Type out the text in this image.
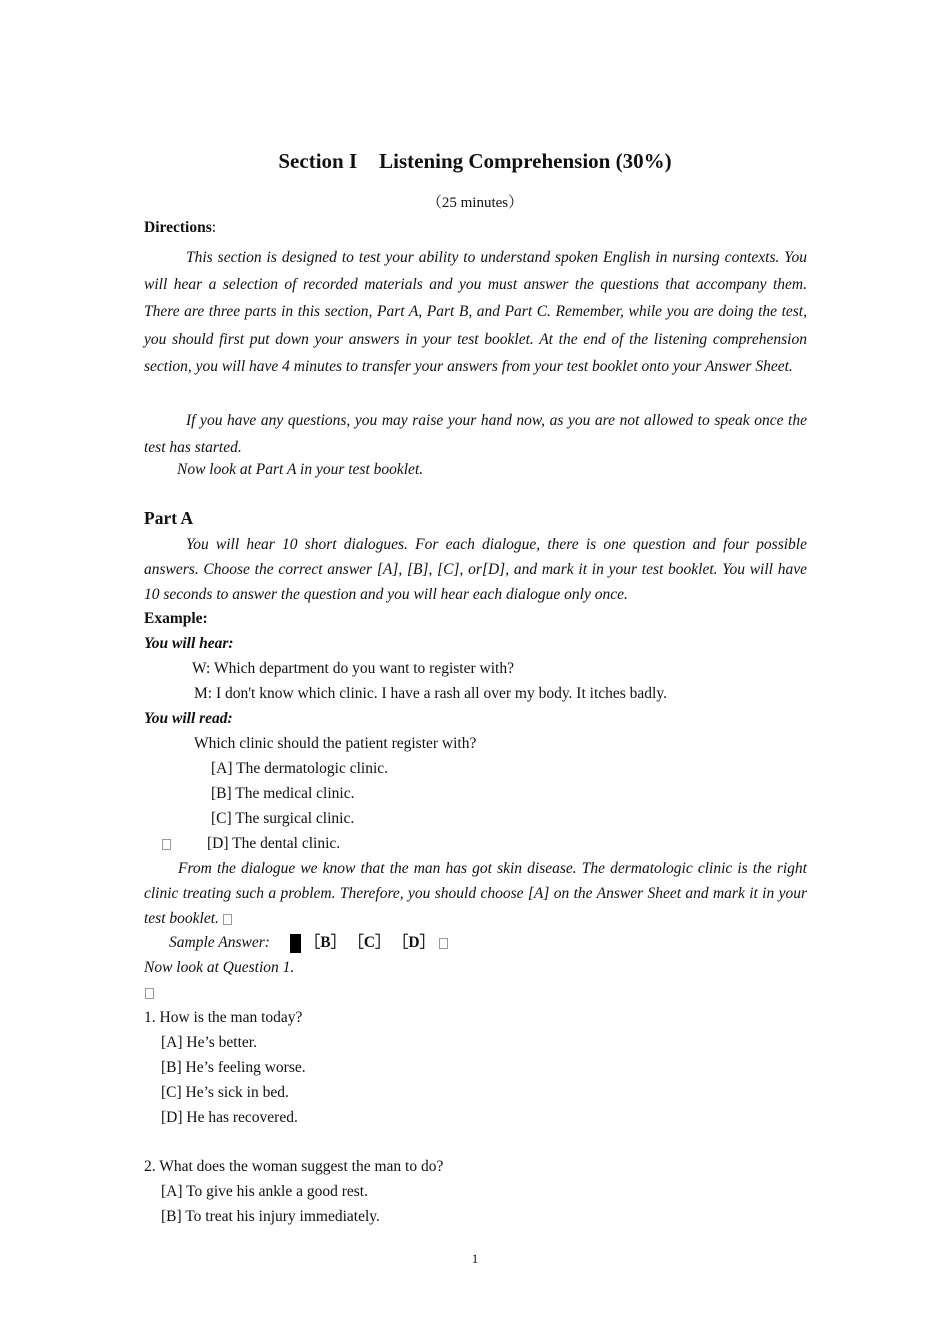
Section I Listening Comprehension (30%)
（25 minutes）
Directions:
This section is designed to test your ability to understand spoken English in nursing contexts. You will hear a selection of recorded materials and you must answer the questions that accompany them. There are three parts in this section, Part A, Part B, and Part C. Remember, while you are doing the test, you should first put down your answers in your test booklet. At the end of the listening comprehension section, you will have 4 minutes to transfer your answers from your test booklet onto your Answer Sheet.
If you have any questions, you may raise your hand now, as you are not allowed to speak once the test has started.
Now look at Part A in your test booklet.
Part A
You will hear 10 short dialogues. For each dialogue, there is one question and four possible answers. Choose the correct answer [A], [B], [C], or[D], and mark it in your test booklet. You will have 10 seconds to answer the question and you will hear each dialogue only once.
Example:
You will hear:
W: Which department do you want to register with?
M: I don't know which clinic. I have a rash all over my body. It itches badly.
You will read:
Which clinic should the patient register with?
[A] The dermatologic clinic.
[B] The medical clinic.
[C] The surgical clinic.
[D] The dental clinic.
From the dialogue we know that the man has got skin disease. The dermatologic clinic is the right clinic treating such a problem. Therefore, you should choose [A] on the Answer Sheet and mark it in your test booklet.
Sample Answer: ［B］ ［C］ ［D］
Now look at Question 1.
1. How is the man today?
[A] He’s better.
[B] He’s feeling worse.
[C] He’s sick in bed.
[D] He has recovered.
2. What does the woman suggest the man to do?
[A] To give his ankle a good rest.
[B] To treat his injury immediately.
1
